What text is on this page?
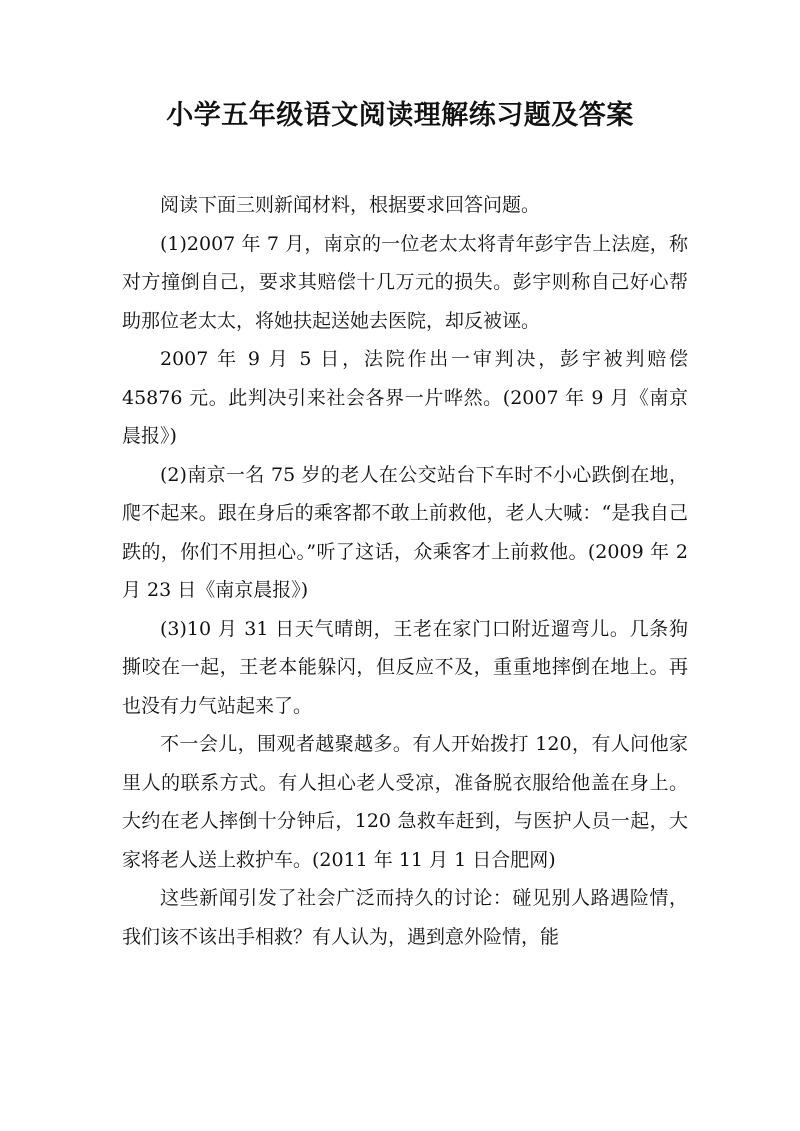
小学五年级语文阅读理解练习题及答案

阅读下面三则新闻材料，根据要求回答问题。

(1)2007 年 7 月，南京的一位老太太将青年彭宇告上法庭，称对方撞倒自己，要求其赔偿十几万元的损失。彭宇则称自己好心帮助那位老太太，将她扶起送她去医院，却反被诬。

2007 年 9 月 5 日，法院作出一审判决，彭宇被判赔偿 45876 元。此判决引来社会各界一片哗然。(2007 年 9 月《南京晨报》)

(2)南京一名 75 岁的老人在公交站台下车时不小心跌倒在地，爬不起来。跟在身后的乘客都不敢上前救他，老人大喊：“是我自己跌的，你们不用担心。”听了这话，众乘客才上前救他。(2009 年 2 月 23 日《南京晨报》)

(3)10 月 31 日天气晴朗，王老在家门口附近遛弯儿。几条狗撕咬在一起，王老本能躲闪，但反应不及，重重地摔倒在地上。再也没有力气站起来了。

不一会儿，围观者越聚越多。有人开始拨打 120，有人问他家里人的联系方式。有人担心老人受凉，准备脱衣服给他盖在身上。大约在老人摔倒十分钟后，120 急救车赶到，与医护人员一起，大家将老人送上救护车。(2011 年 11 月 1 日合肥网)

这些新闻引发了社会广泛而持久的讨论：碰见别人路遇险情，我们该不该出手相救？有人认为，遇到意外险情，能
